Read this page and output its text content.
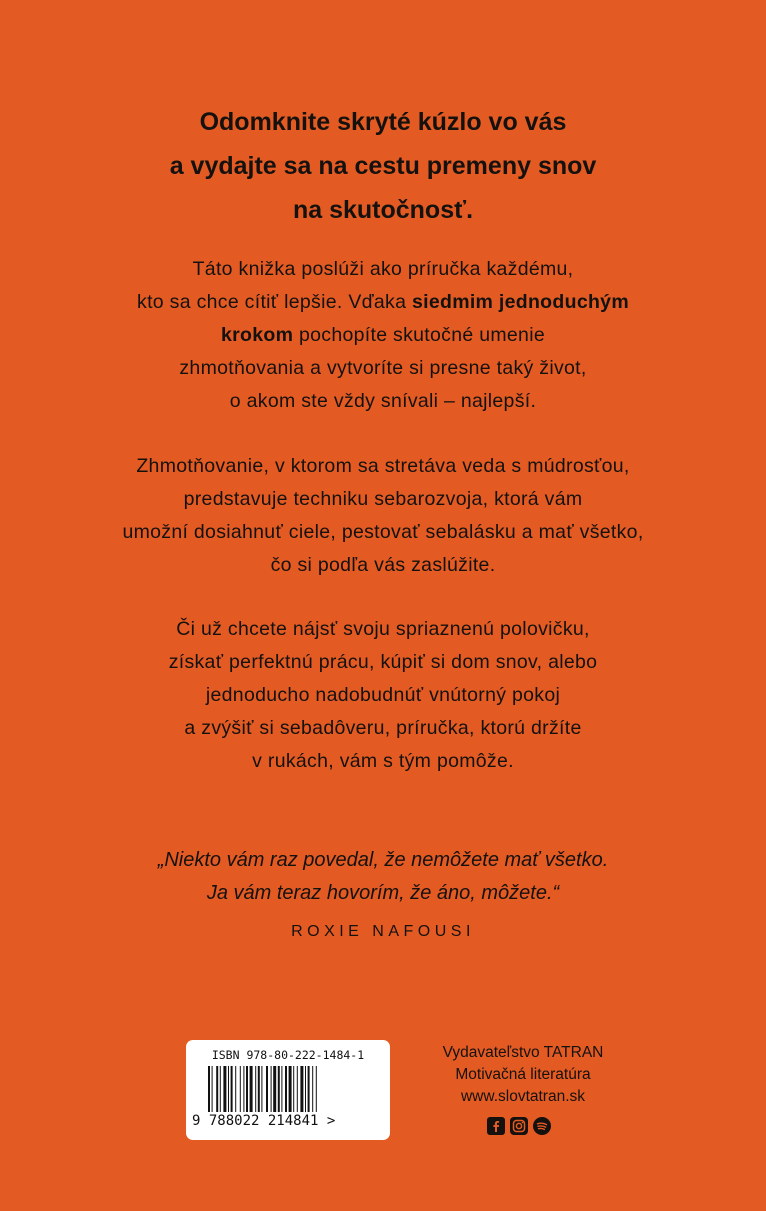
Odomknite skryté kúzlo vo vás
a vydajte sa na cestu premeny snov
na skutočnosť.
Táto knižka poslúži ako príručka každému,
kto sa chce cítiť lepšie. Vďaka siedmim jednoduchým
krokom pochopíte skutočné umenie
zhmotňovania a vytvoríte si presne taký život,
o akom ste vždy snívali – najlepší.
Zhmotňovanie, v ktorom sa stretáva veda s múdrosťou,
predstavuje techniku sebarozvoja, ktorá vám
umožní dosiahnuť ciele, pestovať sebalásku a mať všetko,
čo si podľa vás zaslúžite.
Či už chcete nájsť svoju spriaznenú polovičku,
získať perfektnú prácu, kúpiť si dom snov, alebo
jednoducho nadobudnúť vnútorný pokoj
a zvýšiť si sebadôveru, príručka, ktorú držíte
v rukách, vám s tým pomôže.
„Niekto vám raz povedal, že nemôžete mať všetko.
Ja vám teraz hovorím, že áno, môžete.“
ROXIE NAFOUSI
ISBN 978-80-222-1484-1
9 788022 214841 >
Vydavateľstvo TATRAN
Motivačná literatúra
www.slovtatran.sk
